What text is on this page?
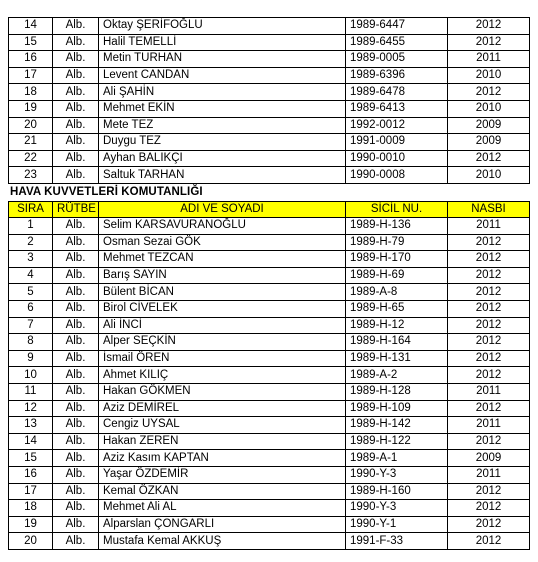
14	Alb.	Oktay ŞERİFOĞLU	1989-6447	2012
15	Alb.	Halil TEMELLİ	1989-6455	2012
16	Alb.	Metin TURHAN	1989-0005	2011
17	Alb.	Levent CANDAN	1989-6396	2010
18	Alb.	Ali ŞAHİN	1989-6478	2012
19	Alb.	Mehmet EKİN	1989-6413	2010
20	Alb.	Mete TEZ	1992-0012	2009
21	Alb.	Duygu TEZ	1991-0009	2009
22	Alb.	Ayhan BALIKÇI	1990-0010	2012
23	Alb.	Saltuk TARHAN	1990-0008	2010
HAVA KUVVETLERİ KOMUTANLIĞI
SIRA	RÜTBE	ADI VE SOYADI	SİCİL NU.	NASBI
1	Alb.	Selim KARSAVURANOĞLU	1989-H-136	2011
2	Alb.	Osman Sezai GÖK	1989-H-79	2012
3	Alb.	Mehmet TEZCAN	1989-H-170	2012
4	Alb.	Barış SAYIN	1989-H-69	2012
5	Alb.	Bülent BİCAN	1989-A-8	2012
6	Alb.	Birol CİVELEK	1989-H-65	2012
7	Alb.	Ali İNCİ	1989-H-12	2012
8	Alb.	Alper SEÇKİN	1989-H-164	2012
9	Alb.	İsmail ÖREN	1989-H-131	2012
10	Alb.	Ahmet KILIÇ	1989-A-2	2012
11	Alb.	Hakan GÖKMEN	1989-H-128	2011
12	Alb.	Aziz DEMİREL	1989-H-109	2012
13	Alb.	Cengiz UYSAL	1989-H-142	2011
14	Alb.	Hakan ZEREN	1989-H-122	2012
15	Alb.	Aziz Kasım KAPTAN	1989-A-1	2009
16	Alb.	Yaşar ÖZDEMİR	1990-Y-3	2011
17	Alb.	Kemal ÖZKAN	1989-H-160	2012
18	Alb.	Mehmet Ali AL	1990-Y-3	2012
19	Alb.	Alparslan ÇONGARLI	1990-Y-1	2012
20	Alb.	Mustafa Kemal AKKUŞ	1991-F-33	2012
